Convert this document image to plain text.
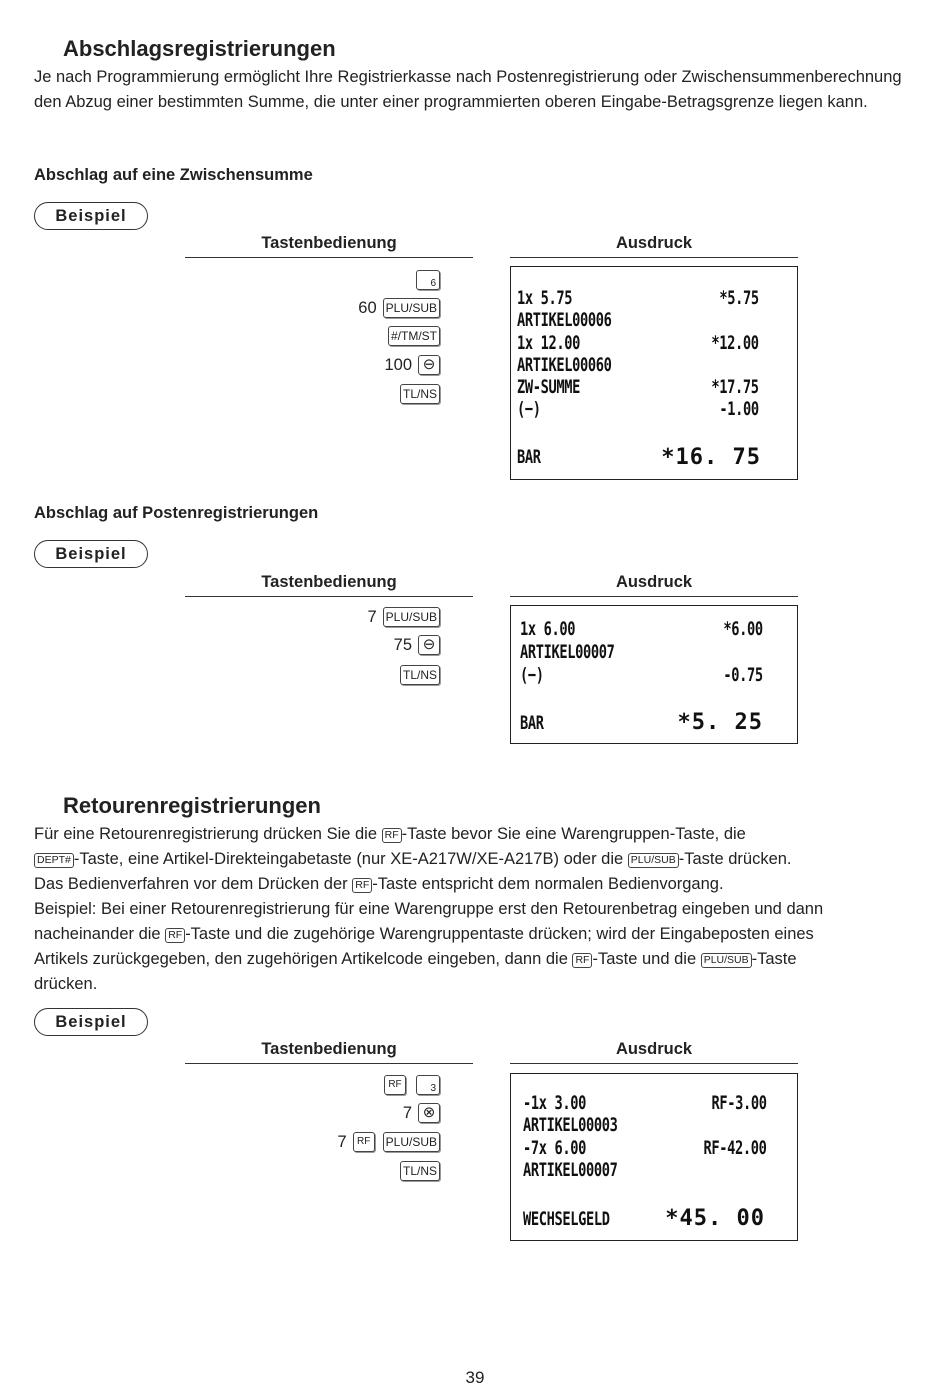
Abschlagsregistrierungen

Je nach Programmierung ermöglicht Ihre Registrierkasse nach Postenregistrierung oder Zwischensummenberechnung den Abzug einer bestimmten Summe, die unter einer programmierten oberen Eingabe-Betragsgrenze liegen kann.

Abschlag auf eine Zwischensumme

Beispiel
Tastenbedienung	Ausdruck
6
60 PLU/SUB
#/TM/ST
100 ⊖
TL/NS
1x 5.75	*5.75
ARTIKEL00006
1x 12.00	*12.00
ARTIKEL00060
ZW-SUMME	*17.75
(−)	-1.00
BAR	*16. 75

Abschlag auf Postenregistrierungen

Beispiel
Tastenbedienung	Ausdruck
7 PLU/SUB
75 ⊖
TL/NS
1x 6.00	*6.00
ARTIKEL00007
(−)	-0.75
BAR	*5. 25
Retourenregistrierungen
Für eine Retourenregistrierung drücken Sie die RF -Taste bevor Sie eine Warengruppen-Taste, die
DEPT# -Taste, eine Artikel-Direkteingabetaste (nur XE-A217W/XE-A217B) oder die PLU/SUB -Taste drücken.
Das Bedienverfahren vor dem Drücken der RF -Taste entspricht dem normalen Bedienvorgang.
Beispiel: Bei einer Retourenregistrierung für eine Warengruppe erst den Retourenbetrag eingeben und dann
nacheinander die RF -Taste und die zugehörige Warengruppentaste drücken; wird der Eingabeposten eines
Artikels zurückgegeben, den zugehörigen Artikelcode eingeben, dann die RF -Taste und die PLU/SUB -Taste
drücken.
Beispiel
Tastenbedienung	Ausdruck
RF	3
7 ⊗
7	RF	PLU/SUB
TL/NS
-1x 3.00	RF-3.00
ARTIKEL00003
-7x 6.00	RF-42.00
ARTIKEL00007
WECHSELGELD	*45. 00
39
